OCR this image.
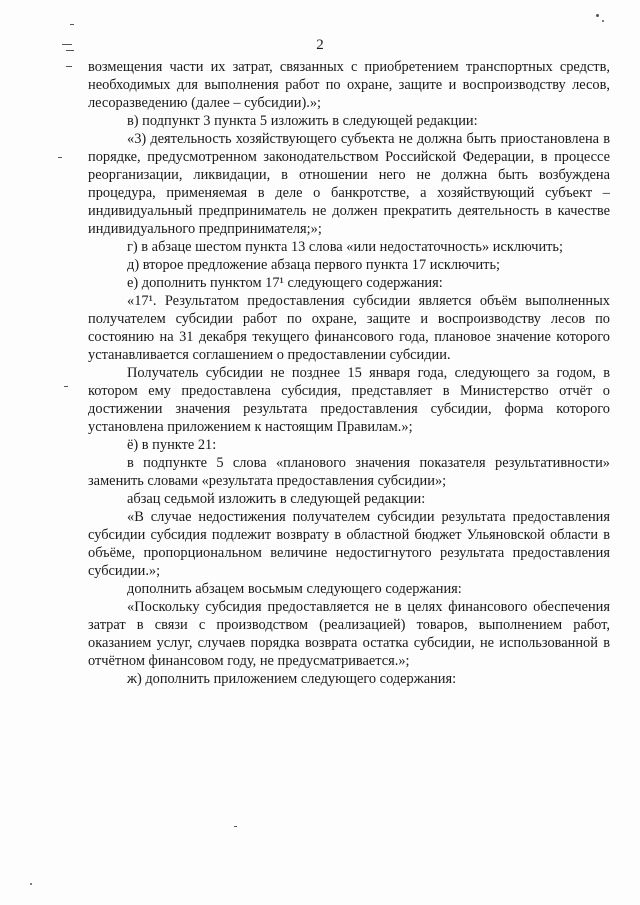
2

возмещения части их затрат, связанных с приобретением транспортных средств, необходимых для выполнения работ по охране, защите и воспроизводству лесов, лесоразведению (далее – субсидии).»;

в) подпункт 3 пункта 5 изложить в следующей редакции:

«3) деятельность хозяйствующего субъекта не должна быть приостановлена в порядке, предусмотренном законодательством Российской Федерации, в процессе реорганизации, ликвидации, в отношении него не должна быть возбуждена процедура, применяемая в деле о банкротстве, а хозяйствующий субъект – индивидуальный предприниматель не должен прекратить деятельность в качестве индивидуального предпринимателя;»;

г) в абзаце шестом пункта 13 слова «или недостаточность» исключить;

д) второе предложение абзаца первого пункта 17 исключить;

е) дополнить пунктом 17¹ следующего содержания:

«17¹. Результатом предоставления субсидии является объём выполненных получателем субсидии работ по охране, защите и воспроизводству лесов по состоянию на 31 декабря текущего финансового года, плановое значение которого устанавливается соглашением о предоставлении субсидии.

Получатель субсидии не позднее 15 января года, следующего за годом, в котором ему предоставлена субсидия, представляет в Министерство отчёт о достижении значения результата предоставления субсидии, форма которого установлена приложением к настоящим Правилам.»;

ё) в пункте 21:

в подпункте 5 слова «планового значения показателя результативности» заменить словами «результата предоставления субсидии»;

абзац седьмой изложить в следующей редакции:

«В случае недостижения получателем субсидии результата предоставления субсидии субсидия подлежит возврату в областной бюджет Ульяновской области в объёме, пропорциональном величине недостигнутого результата предоставления субсидии.»;

дополнить абзацем восьмым следующего содержания:

«Поскольку субсидия предоставляется не в целях финансового обеспечения затрат в связи с производством (реализацией) товаров, выполнением работ, оказанием услуг, случаев порядка возврата остатка субсидии, не использованной в отчётном финансовом году, не предусматривается.»;

ж) дополнить приложением следующего содержания:
